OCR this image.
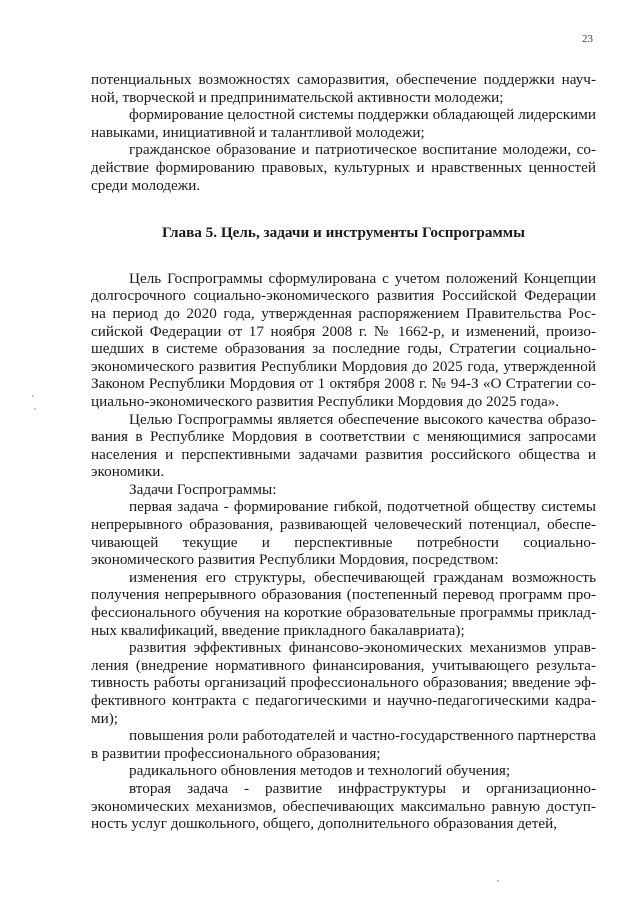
23

потенциальных возможностях саморазвития, обеспечение поддержки научной, творческой и предпринимательской активности молодежи;

формирование целостной системы поддержки обладающей лидерскими навыками, инициативной и талантливой молодежи;

гражданское образование и патриотическое воспитание молодежи, содействие формированию правовых, культурных и нравственных ценностей среди молодежи.

Глава 5. Цель, задачи и инструменты Госпрограммы

Цель Госпрограммы сформулирована с учетом положений Концепции долгосрочного социально-экономического развития Российской Федерации на период до 2020 года, утвержденная распоряжением Правительства Российской Федерации от 17 ноября 2008 г. № 1662-р, и изменений, произошедших в системе образования за последние годы, Стратегии социально-экономического развития Республики Мордовия до 2025 года, утвержденной Законом Республики Мордовия от 1 октября 2008 г. № 94-З «О Стратегии социально-экономического развития Республики Мордовия до 2025 года».

Целью Госпрограммы является обеспечение высокого качества образования в Республике Мордовия в соответствии с меняющимися запросами населения и перспективными задачами развития российского общества и экономики.

Задачи Госпрограммы:

первая задача - формирование гибкой, подотчетной обществу системы непрерывного образования, развивающей человеческий потенциал, обеспечивающей текущие и перспективные потребности социально-экономического развития Республики Мордовия, посредством:

изменения его структуры, обеспечивающей гражданам возможность получения непрерывного образования (постепенный перевод программ профессионального обучения на короткие образовательные программы прикладных квалификаций, введение прикладного бакалавриата);

развития эффективных финансово-экономических механизмов управления (внедрение нормативного финансирования, учитывающего результативность работы организаций профессионального образования; введение эффективного контракта с педагогическими и научно-педагогическими кадрами);

повышения роли работодателей и частно-государственного партнерства в развитии профессионального образования;

радикального обновления методов и технологий обучения;

вторая задача - развитие инфраструктуры и организационно-экономических механизмов, обеспечивающих максимально равную доступность услуг дошкольного, общего, дополнительного образования детей,
